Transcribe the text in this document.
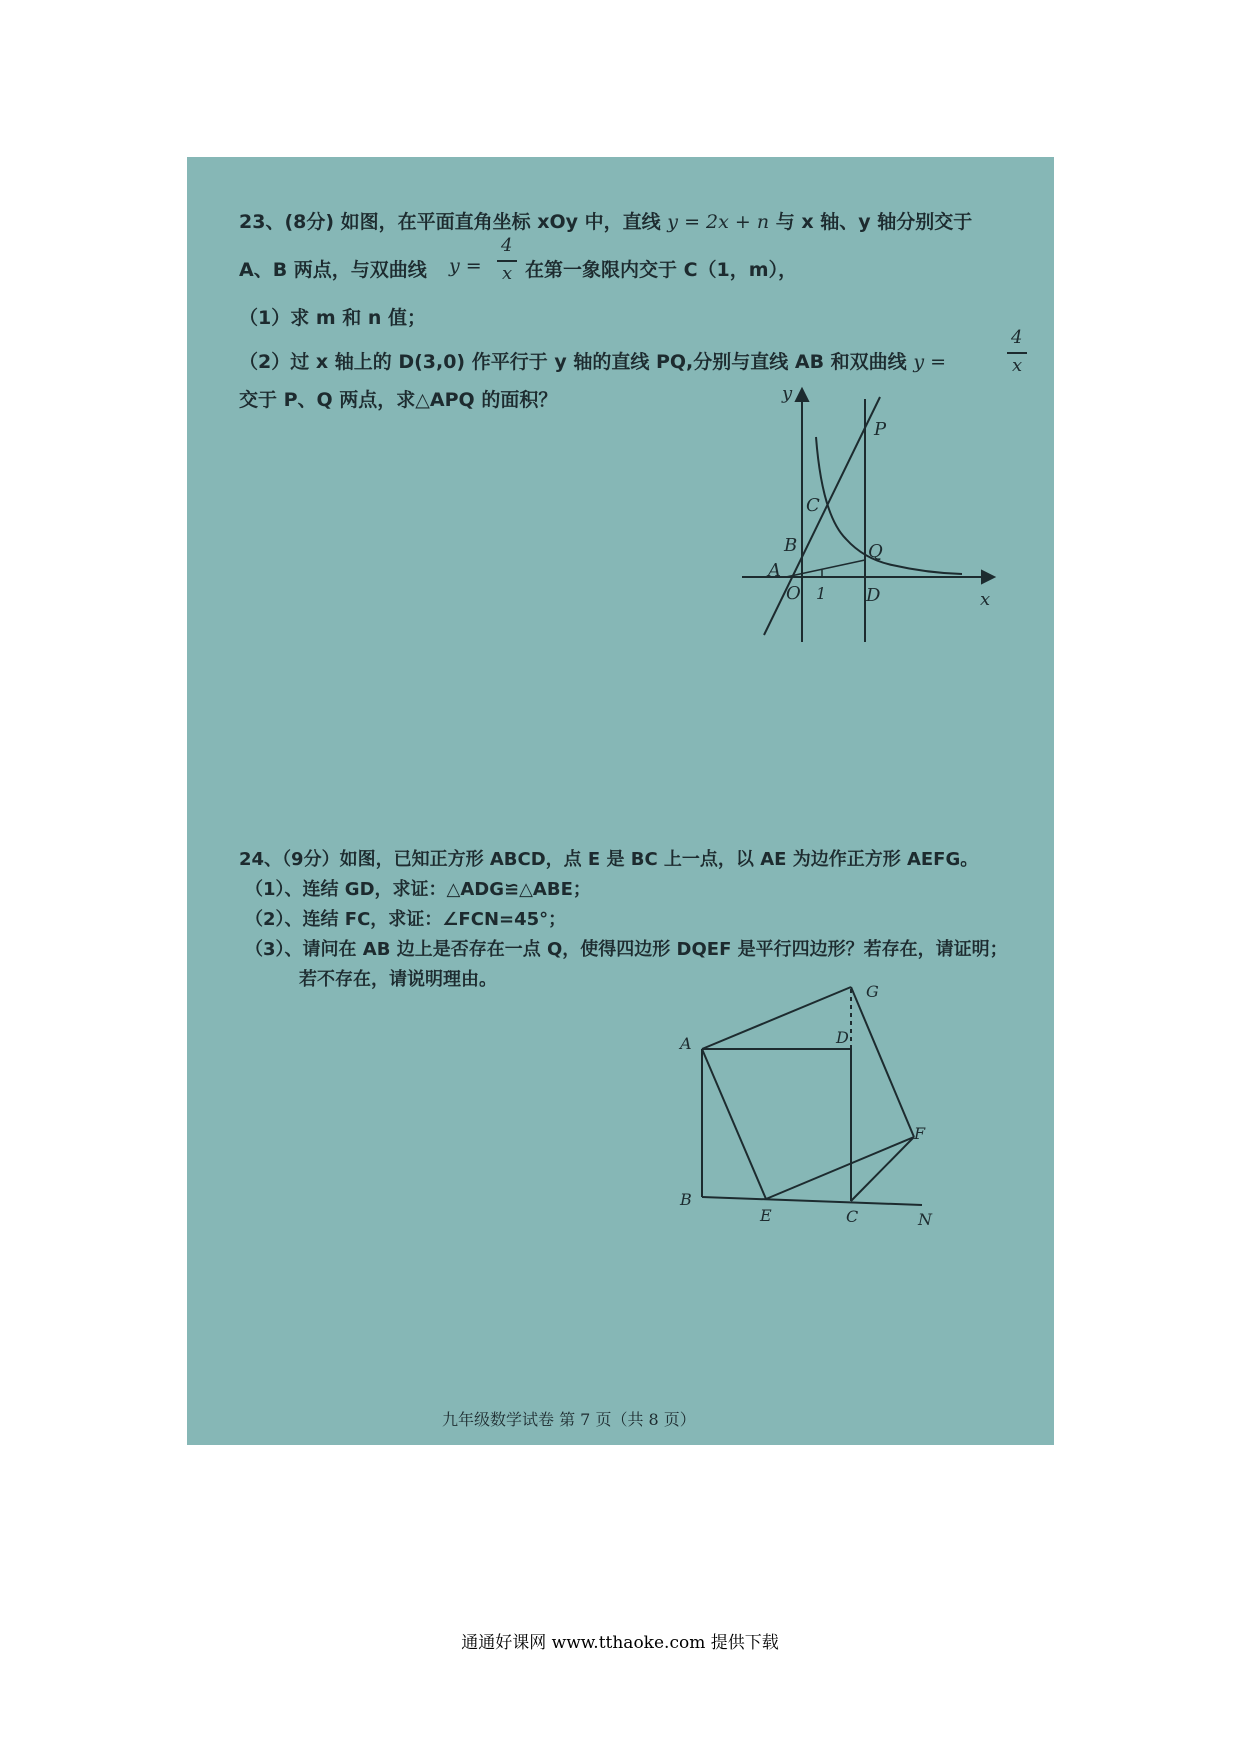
23、(8分) 如图，在平面直角坐标 xOy 中，直线 y = 2x + n 与 x 轴、y 轴分别交于
A、B 两点，与双曲线 y =
4
x 在第一象限内交于 C（1，m），
（1）求 m 和 n 值；
（2）过 x 轴上的 D(3,0) 作平行于 y 轴的直线 PQ,分别与直线 AB 和双曲线 y =
4
x
交于 P、Q 两点，求△APQ 的面积？	y
x
P
C
B	Q
A
O 1 D
24、（9分）如图，已知正方形 ABCD，点 E 是 BC 上一点，以 AE 为边作正方形 AEFG。
（1）、连结 GD，求证：△ADG≌△ABE；
（2）、连结 FC，求证：∠FCN=45°；
（3）、请问在 AB 边上是否存在一点 Q，使得四边形 DQEF 是平行四边形？若存在，请证明；
若不存在，请说明理由。
A
B
C
D
E
F
G
N
九年级数学试卷 第 7 页（共 8 页）
通通好课网 www.tthaoke.com 提供下载
